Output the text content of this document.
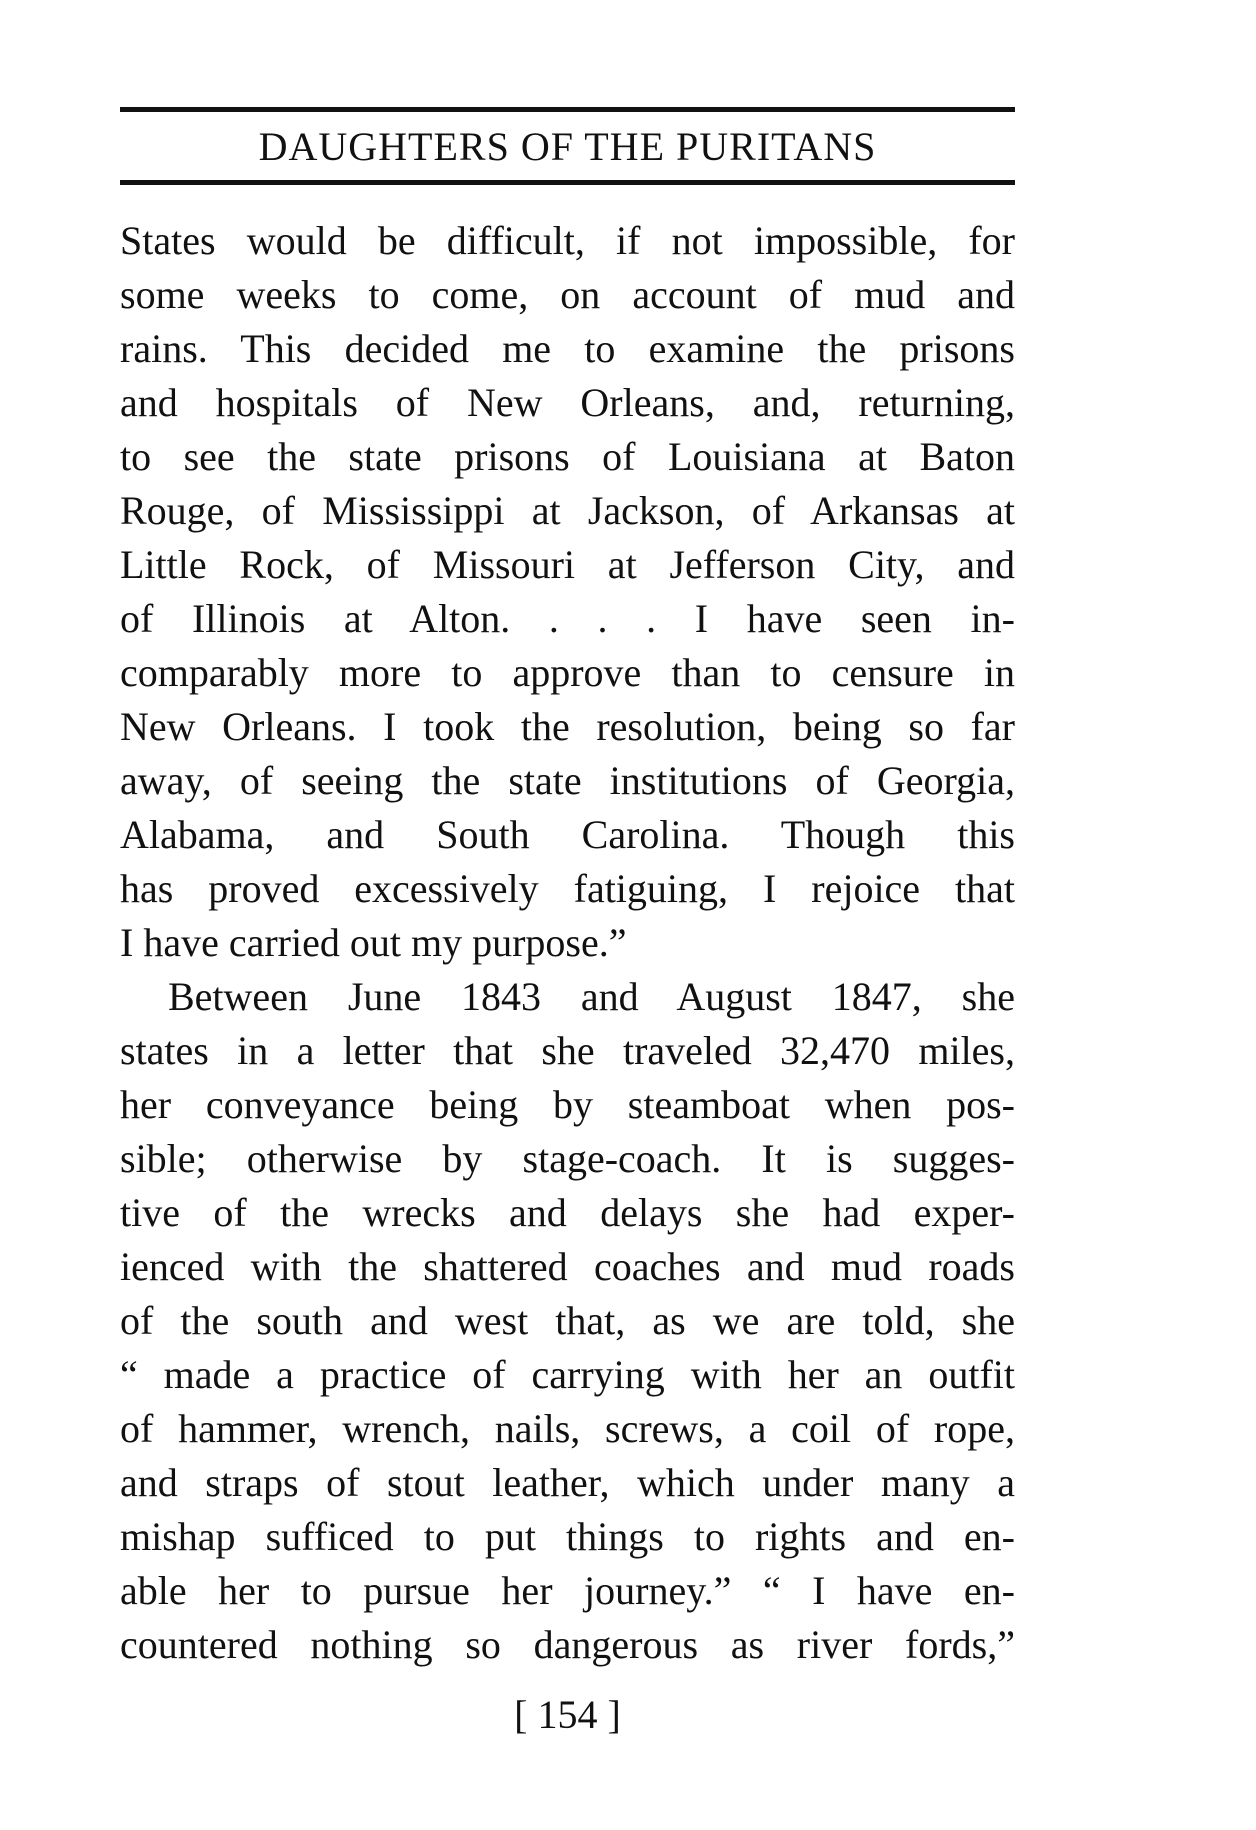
DAUGHTERS OF THE PURITANS
States would be difficult, if not impossible, for
some weeks to come, on account of mud and
rains. This decided me to examine the prisons
and hospitals of New Orleans, and, returning,
to see the state prisons of Louisiana at Baton
Rouge, of Mississippi at Jackson, of Arkansas at
Little Rock, of Missouri at Jefferson City, and
of Illinois at Alton. . . . I have seen in-
comparably more to approve than to censure in
New Orleans. I took the resolution, being so far
away, of seeing the state institutions of Georgia,
Alabama, and South Carolina. Though this
has proved excessively fatiguing, I rejoice that
I have carried out my purpose.”
Between June 1843 and August 1847, she
states in a letter that she traveled 32,470 miles,
her conveyance being by steamboat when pos-
sible; otherwise by stage-coach. It is sugges-
tive of the wrecks and delays she had exper-
ienced with the shattered coaches and mud roads
of the south and west that, as we are told, she
“ made a practice of carrying with her an outfit
of hammer, wrench, nails, screws, a coil of rope,
and straps of stout leather, which under many a
mishap sufficed to put things to rights and en-
able her to pursue her journey.” “ I have en-
countered nothing so dangerous as river fords,”
[ 154 ]
